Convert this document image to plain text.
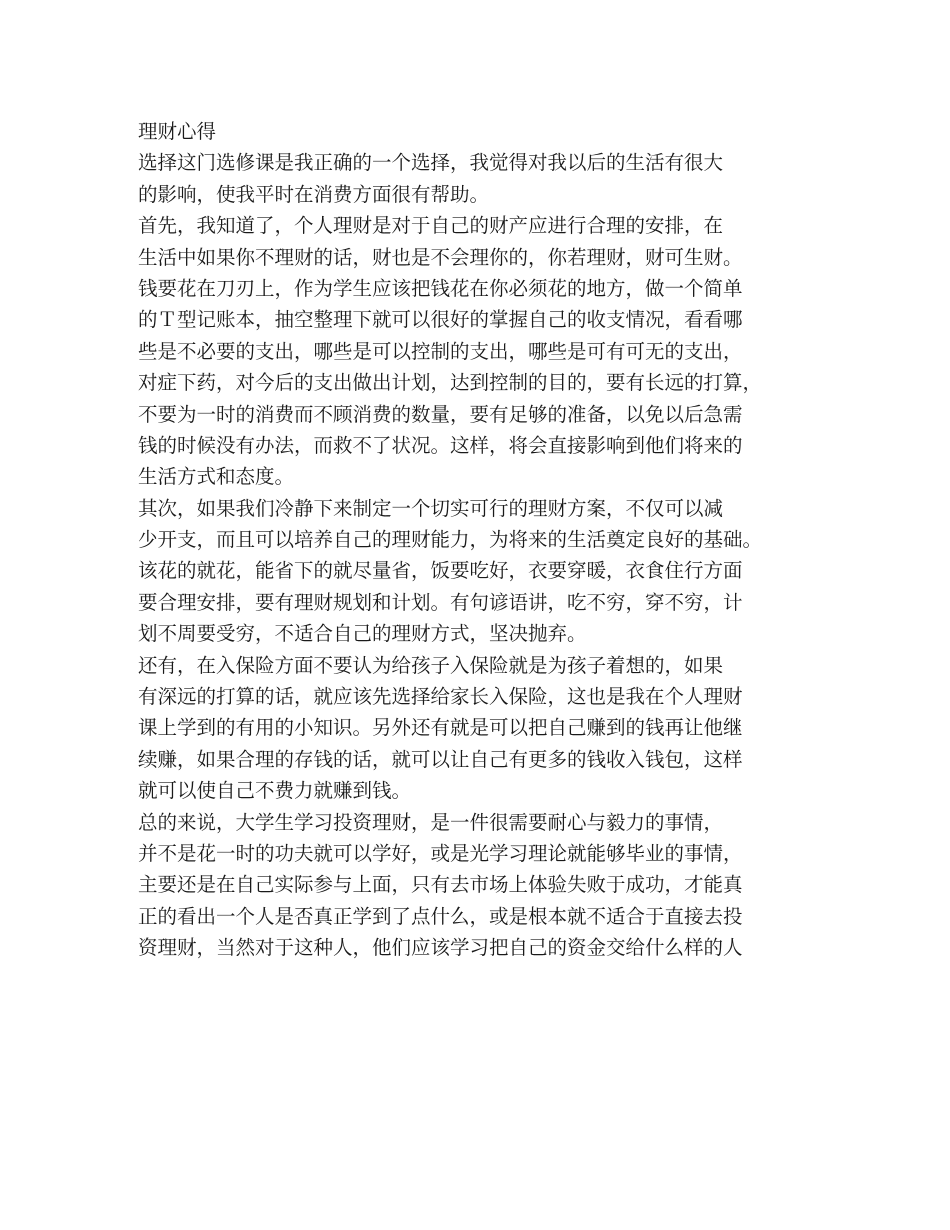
理财心得
选择这门选修课是我正确的一个选择，我觉得对我以后的生活有很大
的影响，使我平时在消费方面很有帮助。
首先，我知道了，个人理财是对于自己的财产应进行合理的安排，在
生活中如果你不理财的话，财也是不会理你的，你若理财，财可生财。
钱要花在刀刃上，作为学生应该把钱花在你必须花的地方，做一个简单
的Ｔ型记账本，抽空整理下就可以很好的掌握自己的收支情况，看看哪
些是不必要的支出，哪些是可以控制的支出，哪些是可有可无的支出，
对症下药，对今后的支出做出计划，达到控制的目的，要有长远的打算，
不要为一时的消费而不顾消费的数量，要有足够的准备，以免以后急需
钱的时候没有办法，而救不了状况。这样，将会直接影响到他们将来的
生活方式和态度。
其次，如果我们冷静下来制定一个切实可行的理财方案，不仅可以减
少开支，而且可以培养自己的理财能力，为将来的生活奠定良好的基础。
该花的就花，能省下的就尽量省，饭要吃好，衣要穿暖，衣食住行方面
要合理安排，要有理财规划和计划。有句谚语讲，吃不穷，穿不穷，计
划不周要受穷，不适合自己的理财方式，坚决抛弃。
还有，在入保险方面不要认为给孩子入保险就是为孩子着想的，如果
有深远的打算的话，就应该先选择给家长入保险，这也是我在个人理财
课上学到的有用的小知识。另外还有就是可以把自己赚到的钱再让他继
续赚，如果合理的存钱的话，就可以让自己有更多的钱收入钱包，这样
就可以使自己不费力就赚到钱。
总的来说，大学生学习投资理财，是一件很需要耐心与毅力的事情，
并不是花一时的功夫就可以学好，或是光学习理论就能够毕业的事情，
主要还是在自己实际参与上面，只有去市场上体验失败于成功，才能真
正的看出一个人是否真正学到了点什么，或是根本就不适合于直接去投
资理财，当然对于这种人，他们应该学习把自己的资金交给什么样的人
